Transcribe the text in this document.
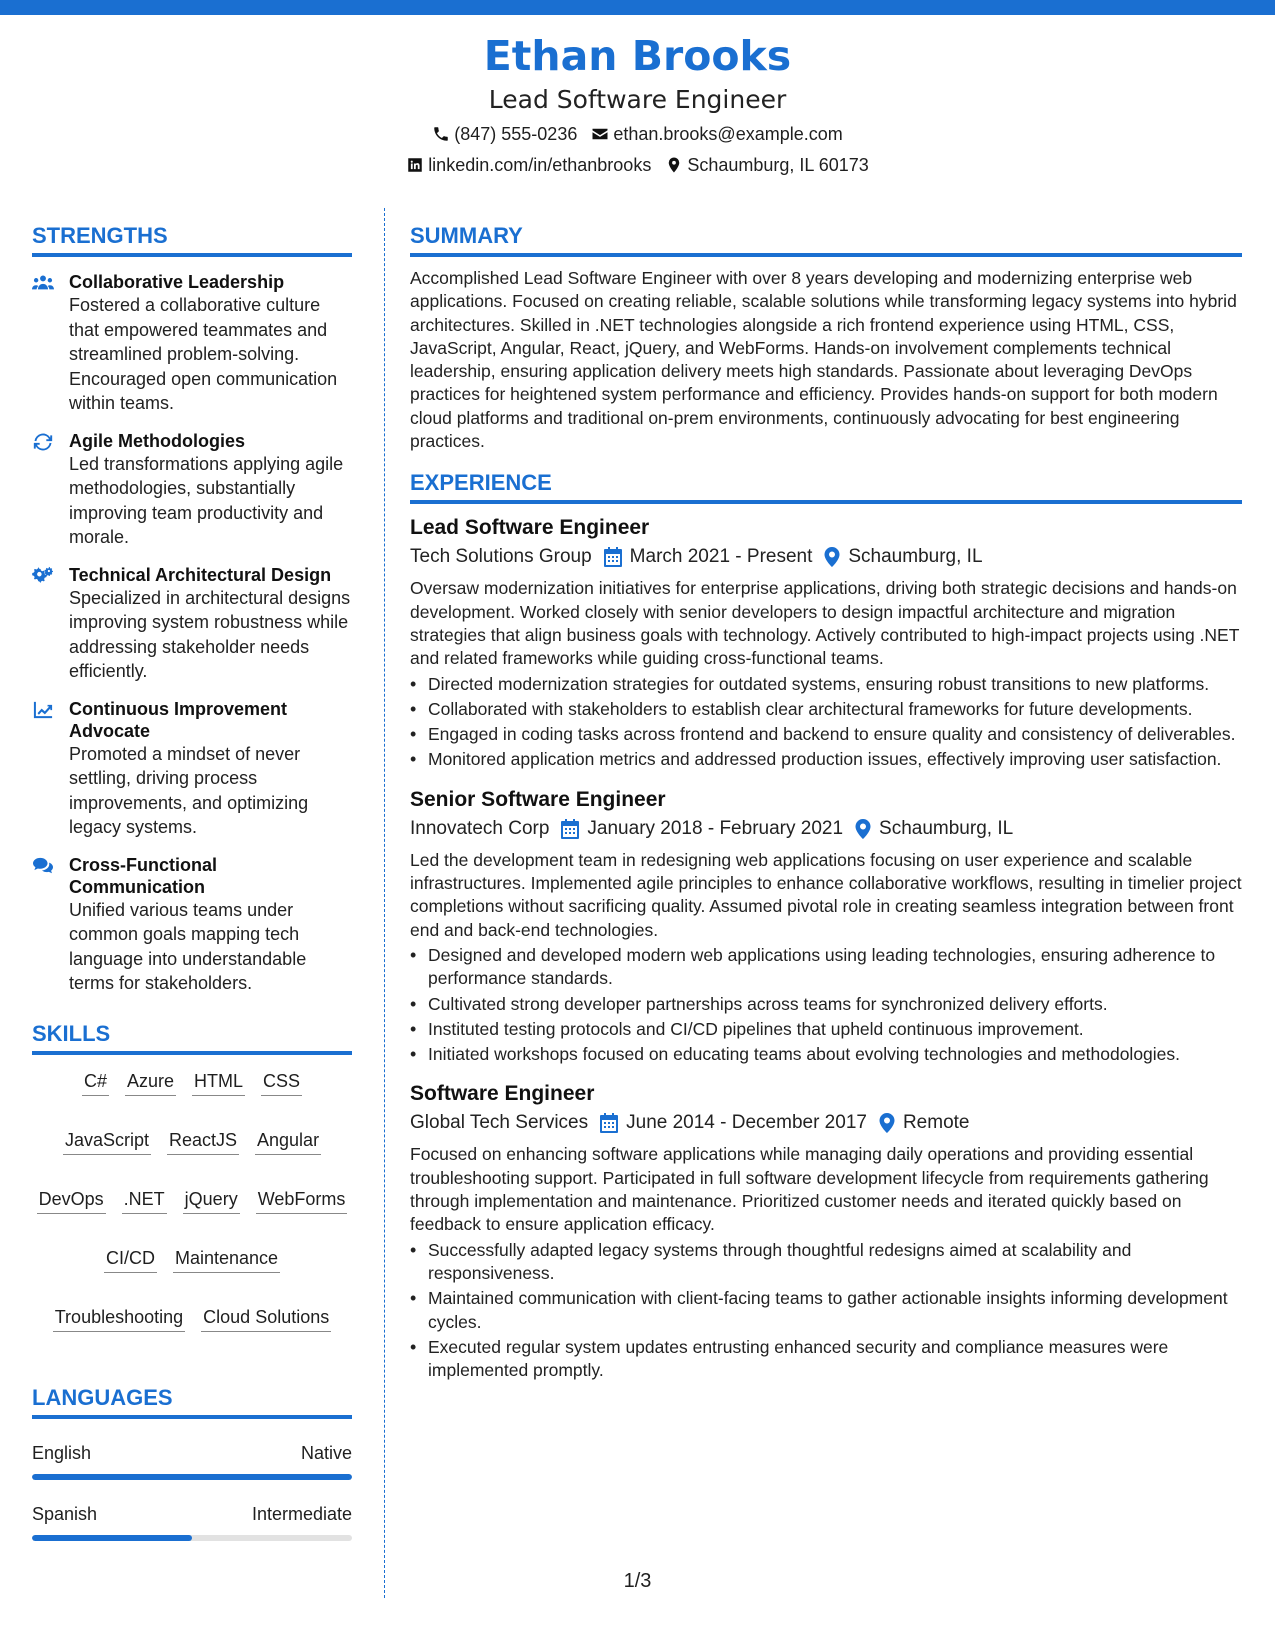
Ethan Brooks
Lead Software Engineer
(847) 555-0236 ethan.brooks@example.com
linkedin.com/in/ethanbrooks Schaumburg, IL 60173
STRENGTHS
Collaborative Leadership
Fostered a collaborative culture that empowered teammates and streamlined problem-solving. Encouraged open communication within teams.
Agile Methodologies
Led transformations applying agile methodologies, substantially improving team productivity and morale.
Technical Architectural Design
Specialized in architectural designs improving system robustness while addressing stakeholder needs efficiently.
Continuous Improvement Advocate
Promoted a mindset of never settling, driving process improvements, and optimizing legacy systems.
Cross-Functional Communication
Unified various teams under common goals mapping tech language into understandable terms for stakeholders.
SKILLS
C# Azure HTML CSS
JavaScript ReactJS Angular
DevOps .NET jQuery WebForms
CI/CD Maintenance
Troubleshooting Cloud Solutions
LANGUAGES
English	Native
Spanish	Intermediate
SUMMARY
Accomplished Lead Software Engineer with over 8 years developing and modernizing enterprise web applications. Focused on creating reliable, scalable solutions while transforming legacy systems into hybrid architectures. Skilled in .NET technologies alongside a rich frontend experience using HTML, CSS, JavaScript, Angular, React, jQuery, and WebForms. Hands-on involvement complements technical leadership, ensuring application delivery meets high standards. Passionate about leveraging DevOps practices for heightened system performance and efficiency. Provides hands-on support for both modern cloud platforms and traditional on-prem environments, continuously advocating for best engineering practices.
EXPERIENCE
Lead Software Engineer
Tech Solutions Group March 2021 - Present Schaumburg, IL
Oversaw modernization initiatives for enterprise applications, driving both strategic decisions and hands-on development. Worked closely with senior developers to design impactful architecture and migration strategies that align business goals with technology. Actively contributed to high-impact projects using .NET and related frameworks while guiding cross-functional teams.
• Directed modernization strategies for outdated systems, ensuring robust transitions to new platforms.
• Collaborated with stakeholders to establish clear architectural frameworks for future developments.
• Engaged in coding tasks across frontend and backend to ensure quality and consistency of deliverables.
• Monitored application metrics and addressed production issues, effectively improving user satisfaction.
Senior Software Engineer
Innovatech Corp January 2018 - February 2021 Schaumburg, IL
Led the development team in redesigning web applications focusing on user experience and scalable infrastructures. Implemented agile principles to enhance collaborative workflows, resulting in timelier project completions without sacrificing quality. Assumed pivotal role in creating seamless integration between front end and back-end technologies.
• Designed and developed modern web applications using leading technologies, ensuring adherence to performance standards.
• Cultivated strong developer partnerships across teams for synchronized delivery efforts.
• Instituted testing protocols and CI/CD pipelines that upheld continuous improvement.
• Initiated workshops focused on educating teams about evolving technologies and methodologies.
Software Engineer
Global Tech Services June 2014 - December 2017 Remote
Focused on enhancing software applications while managing daily operations and providing essential troubleshooting support. Participated in full software development lifecycle from requirements gathering through implementation and maintenance. Prioritized customer needs and iterated quickly based on feedback to ensure application efficacy.
• Successfully adapted legacy systems through thoughtful redesigns aimed at scalability and responsiveness.
• Maintained communication with client-facing teams to gather actionable insights informing development cycles.
• Executed regular system updates entrusting enhanced security and compliance measures were implemented promptly.
1/3
